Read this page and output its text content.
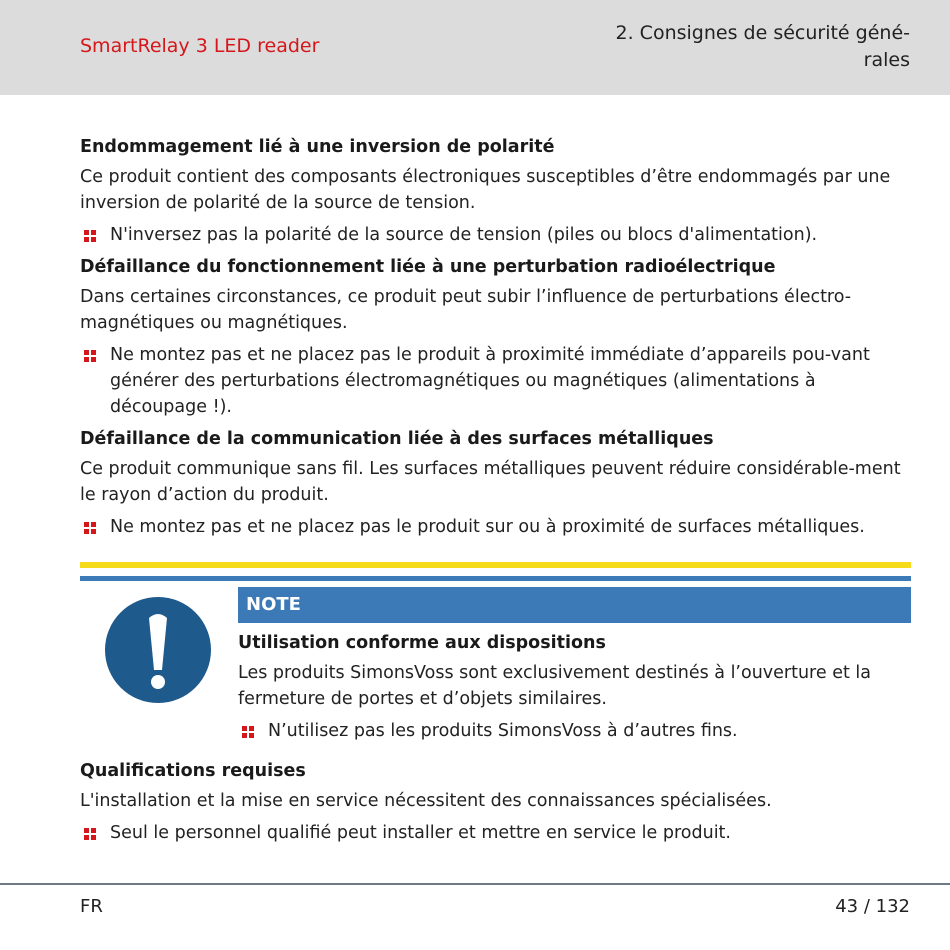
SmartRelay 3 LED reader
2. Consignes de sécurité géné-
rales
Endommagement lié à une inversion de polarité

Ce produit contient des composants électroniques susceptibles d’être endommagés par une inversion de polarité de la source de tension.

N'inversez pas la polarité de la source de tension (piles ou blocs d'alimentation).
Défaillance du fonctionnement liée à une perturbation radioélectrique

Dans certaines circonstances, ce produit peut subir l’influence de perturbations électro-magnétiques ou magnétiques.

Ne montez pas et ne placez pas le produit à proximité immédiate d’appareils pou-vant générer des perturbations électromagnétiques ou magnétiques (alimentations à découpage !).
Défaillance de la communication liée à des surfaces métalliques

Ce produit communique sans fil. Les surfaces métalliques peuvent réduire considérable-ment le rayon d’action du produit.

Ne montez pas et ne placez pas le produit sur ou à proximité de surfaces métalliques.
NOTE
Utilisation conforme aux dispositions

Les produits SimonsVoss sont exclusivement destinés à l’ouverture et la fermeture de portes et d’objets similaires.

N’utilisez pas les produits SimonsVoss à d’autres fins.
Qualifications requises

L'installation et la mise en service nécessitent des connaissances spécialisées.

Seul le personnel qualifié peut installer et mettre en service le produit.
FR	43 / 132
